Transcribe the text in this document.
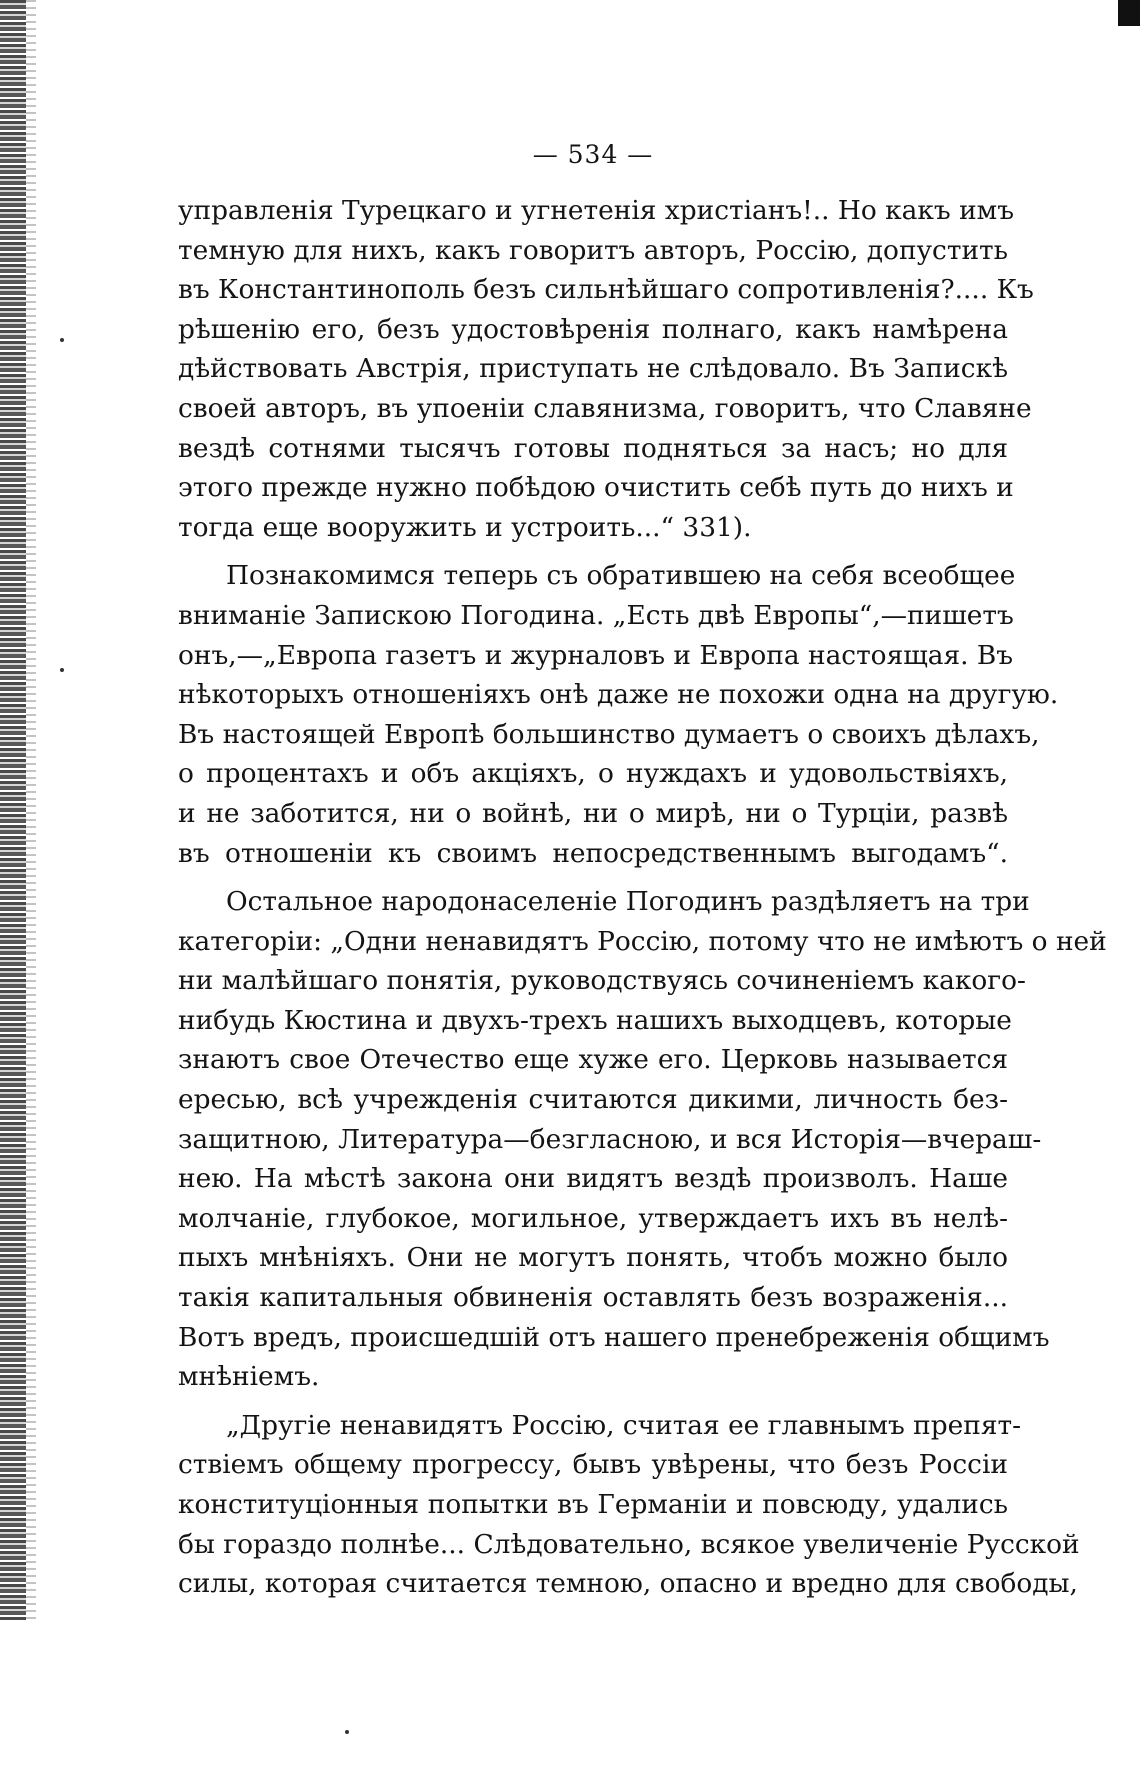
— 534 —
управленія Турецкаго и угнетенія христіанъ!.. Но какъ имъ
темную для нихъ, какъ говоритъ авторъ, Россію, допустить
въ Константинополь безъ сильнѣйшаго сопротивленія?.... Къ
рѣшенію его, безъ удостовѣренія полнаго, какъ намѣрена
дѣйствовать Австрія, приступать не слѣдовало. Въ Запискѣ
своей авторъ, въ упоеніи славянизма, говоритъ, что Славяне
вездѣ сотнями тысячъ готовы подняться за насъ; но для
этого прежде нужно побѣдою очистить себѣ путь до нихъ и
тогда еще вооружить и устроить...“ 331).
Познакомимся теперь съ обратившею на себя всеобщее
вниманіе Запискою Погодина. „Есть двѣ Европы“,—пишетъ
онъ,—„Европа газетъ и журналовъ и Европа настоящая. Въ
нѣкоторыхъ отношеніяхъ онѣ даже не похожи одна на другую.
Въ настоящей Европѣ большинство думаетъ о своихъ дѣлахъ,
о процентахъ и объ акціяхъ, о нуждахъ и удовольствіяхъ,
и не заботится, ни о войнѣ, ни о мирѣ, ни о Турціи, развѣ
въ отношеніи къ своимъ непосредственнымъ выгодамъ“.
Остальное народонаселеніе Погодинъ раздѣляетъ на три
категоріи: „Одни ненавидятъ Россію, потому что не имѣютъ о ней
ни малѣйшаго понятія, руководствуясь сочиненіемъ какого-
нибудь Кюстина и двухъ-трехъ нашихъ выходцевъ, которые
знаютъ свое Отечество еще хуже его. Церковь называется
ересью, всѣ учрежденія считаются дикими, личность без-
защитною, Литература—безгласною, и вся Исторія—вчераш-
нею. На мѣстѣ закона они видятъ вездѣ произволъ. Наше
молчаніе, глубокое, могильное, утверждаетъ ихъ въ нелѣ-
пыхъ мнѣніяхъ. Они не могутъ понять, чтобъ можно было
такія капитальныя обвиненія оставлять безъ возраженія...
Вотъ вредъ, происшедшій отъ нашего пренебреженія общимъ
мнѣніемъ.
„Другіе ненавидятъ Россію, считая ее главнымъ препят-
ствіемъ общему прогрессу, бывъ увѣрены, что безъ Россіи
конституціонныя попытки въ Германіи и повсюду, удались
бы гораздо полнѣе... Слѣдовательно, всякое увеличеніе Русской
силы, которая считается темною, опасно и вредно для свободы,
